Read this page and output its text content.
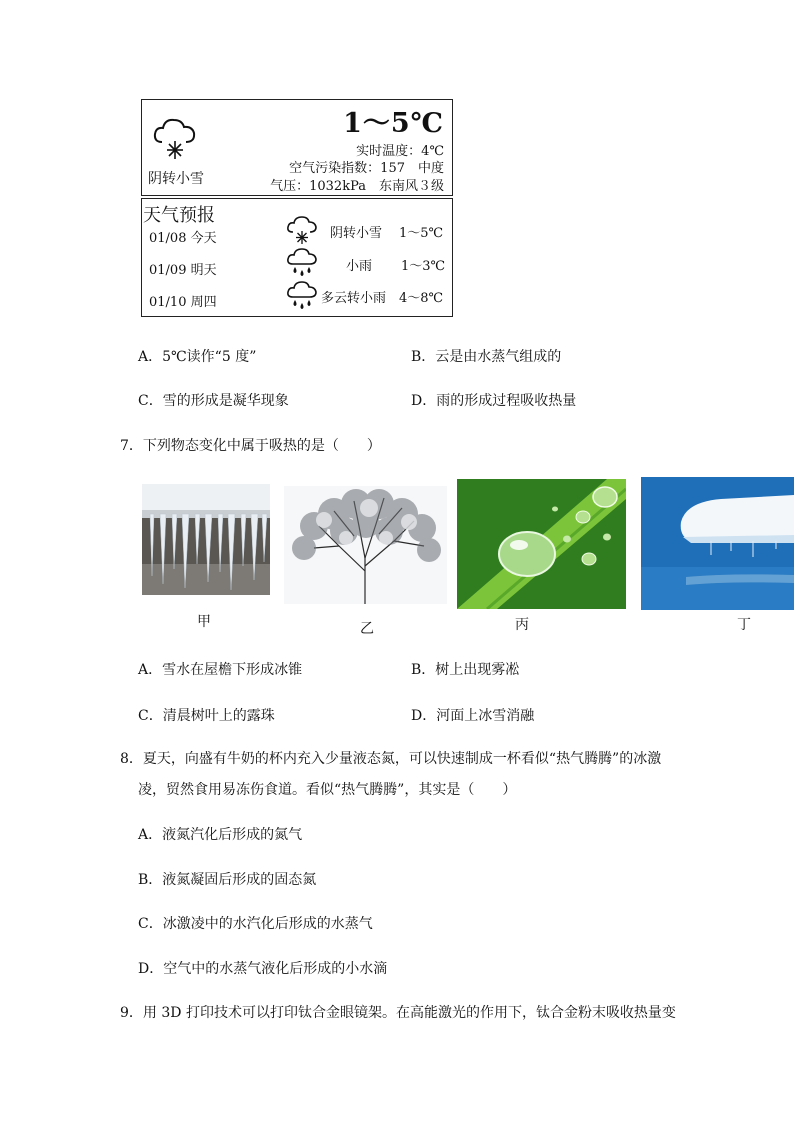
阴转小雪
1～5℃
实时温度：4℃
空气污染指数：157　中度
气压：1032kPa　东南风３级
天气预报
01/08 今天	阴转小雪 1～5℃
01/09 明天	小雨 1～3℃
01/10 周四	多云转小雨 4～8℃
A．5℃读作“5 度”	B．云是由水蒸气组成的
C．雪的形成是凝华现象	D．雨的形成过程吸收热量
7．下列物态变化中属于吸热的是（　　）
甲	乙	丙	丁
A．雪水在屋檐下形成冰锥	B．树上出现雾凇
C．清晨树叶上的露珠	D．河面上冰雪消融
8．夏天，向盛有牛奶的杯内充入少量液态氮，可以快速制成一杯看似“热气腾腾”的冰激
凌，贸然食用易冻伤食道。看似“热气腾腾”，其实是（　　）
A．液氮汽化后形成的氮气
B．液氮凝固后形成的固态氮
C．冰激凌中的水汽化后形成的水蒸气
D．空气中的水蒸气液化后形成的小水滴
9．用 3D 打印技术可以打印钛合金眼镜架。在高能激光的作用下，钛合金粉末吸收热量变
